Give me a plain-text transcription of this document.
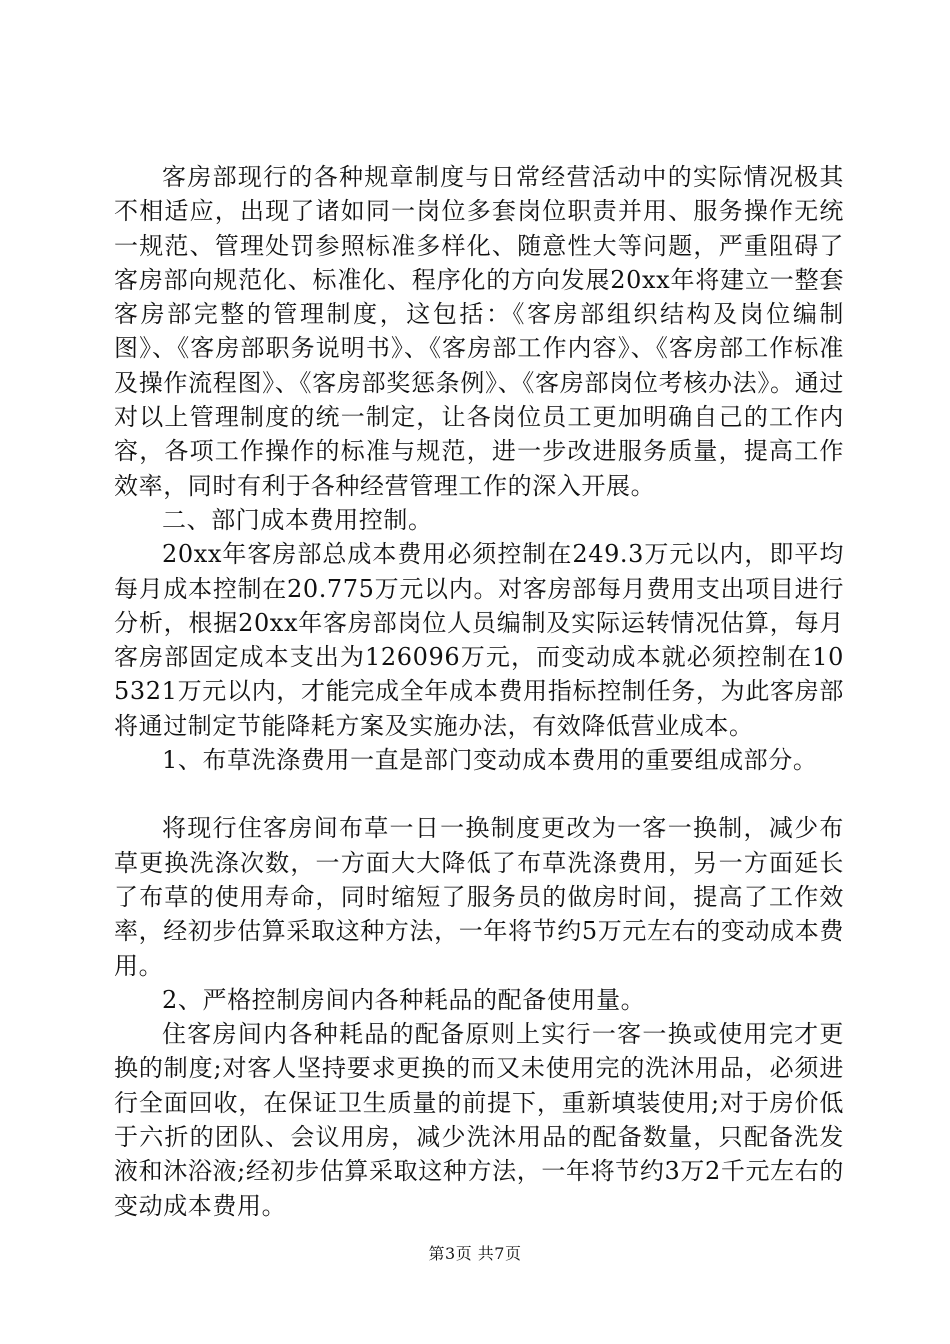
客房部现行的各种规章制度与日常经营活动中的实际情况极其不相适应，出现了诸如同一岗位多套岗位职责并用、服务操作无统一规范、管理处罚参照标准多样化、随意性大等问题，严重阻碍了客房部向规范化、标准化、程序化的方向发展20xx年将建立一整套客房部完整的管理制度，这包括：《客房部组织结构及岗位编制图》、《客房部职务说明书》、《客房部工作内容》、《客房部工作标准及操作流程图》、《客房部奖惩条例》、《客房部岗位考核办法》。通过对以上管理制度的统一制定，让各岗位员工更加明确自己的工作内容，各项工作操作的标准与规范，进一步改进服务质量，提高工作效率，同时有利于各种经营管理工作的深入开展。

二、部门成本费用控制。

20xx年客房部总成本费用必须控制在249.3万元以内，即平均每月成本控制在20.775万元以内。对客房部每月费用支出项目进行分析，根据20xx年客房部岗位人员编制及实际运转情况估算，每月客房部固定成本支出为126096万元，而变动成本就必须控制在105321万元以内，才能完成全年成本费用指标控制任务，为此客房部将通过制定节能降耗方案及实施办法，有效降低营业成本。

1、布草洗涤费用一直是部门变动成本费用的重要组成部分。

将现行住客房间布草一日一换制度更改为一客一换制，减少布草更换洗涤次数，一方面大大降低了布草洗涤费用，另一方面延长了布草的使用寿命，同时缩短了服务员的做房时间，提高了工作效率，经初步估算采取这种方法，一年将节约5万元左右的变动成本费用。

2、严格控制房间内各种耗品的配备使用量。

住客房间内各种耗品的配备原则上实行一客一换或使用完才更换的制度;对客人坚持要求更换的而又未使用完的洗沐用品，必须进行全面回收，在保证卫生质量的前提下，重新填装使用;对于房价低于六折的团队、会议用房，减少洗沐用品的配备数量，只配备洗发液和沐浴液;经初步估算采取这种方法，一年将节约3万2千元左右的变动成本费用。

第3页 共7页
